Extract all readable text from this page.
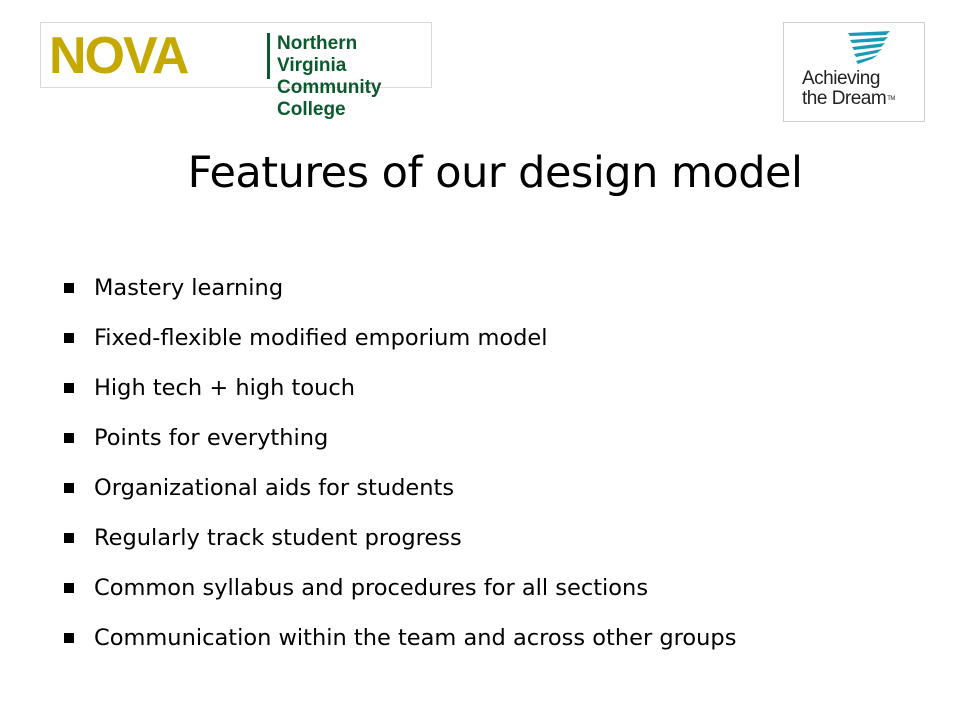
NOVA	Northern Virginia
Community College
Achieving
the Dream™
Features of our design model
Mastery learning
Fixed-flexible modified emporium model
High tech + high touch
Points for everything
Organizational aids for students
Regularly track student progress
Common syllabus and procedures for all sections
Communication within the team and across other groups
